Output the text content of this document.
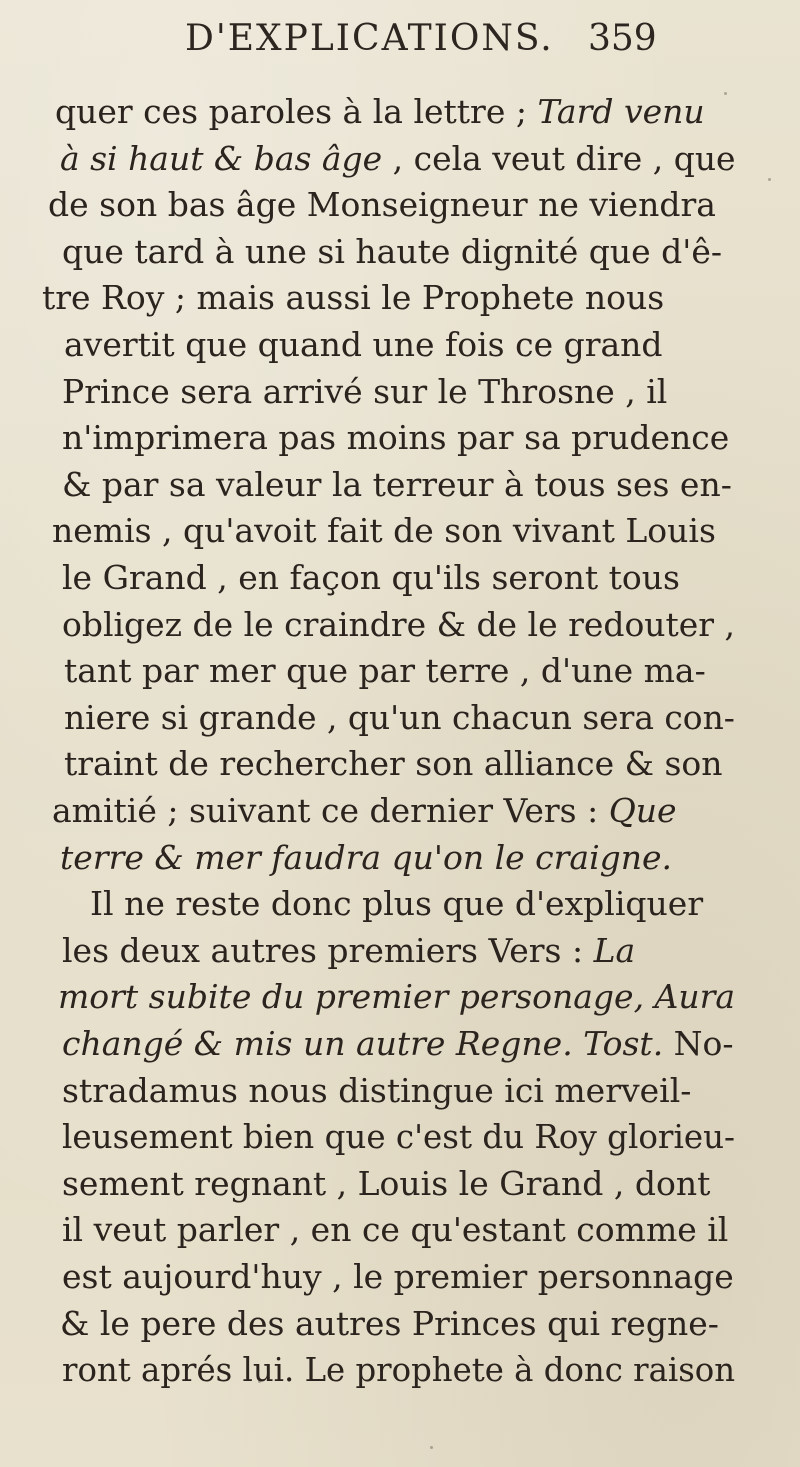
D'EXPLICATIONS. 359
quer ces paroles à la lettre ; Tard venu
à si haut & bas âge , cela veut dire , que
de son bas âge Monseigneur ne viendra
que tard à une si haute dignité que d'ê-
tre Roy ; mais aussi le Prophete nous
avertit que quand une fois ce grand
Prince sera arrivé sur le Throsne , il
n'imprimera pas moins par sa prudence
& par sa valeur la terreur à tous ses en-
nemis , qu'avoit fait de son vivant Louis
le Grand , en façon qu'ils seront tous
obligez de le craindre & de le redouter ,
tant par mer que par terre , d'une ma-
niere si grande , qu'un chacun sera con-
traint de rechercher son alliance & son
amitié ; suivant ce dernier Vers : Que
terre & mer faudra qu'on le craigne.
Il ne reste donc plus que d'expliquer
les deux autres premiers Vers : La
mort subite du premier personage, Aura
changé & mis un autre Regne. Tost. No-
stradamus nous distingue ici merveil-
leusement bien que c'est du Roy glorieu-
sement regnant , Louis le Grand , dont
il veut parler , en ce qu'estant comme il
est aujourd'huy , le premier personnage
& le pere des autres Princes qui regne-
ront aprés lui. Le prophete à donc raison
